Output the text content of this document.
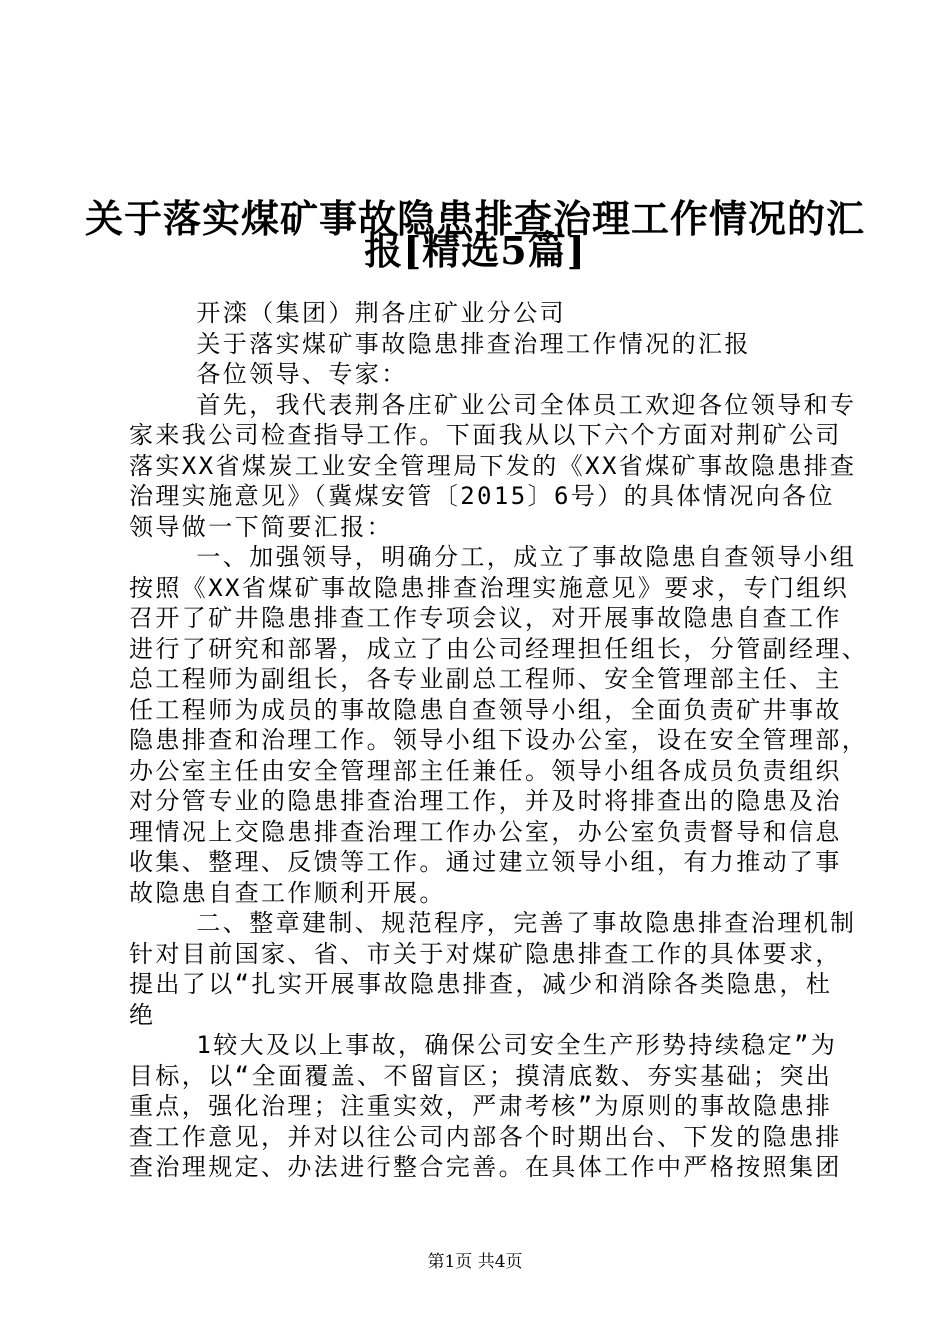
关于落实煤矿事故隐患排查治理工作情况的汇
报[精选5篇]
开滦（集团）荆各庄矿业分公司
关于落实煤矿事故隐患排查治理工作情况的汇报
各位领导、专家：
首先，我代表荆各庄矿业公司全体员工欢迎各位领导和专
家来我公司检查指导工作。下面我从以下六个方面对荆矿公司
落实XX省煤炭工业安全管理局下发的《XX省煤矿事故隐患排查
治理实施意见》（冀煤安管〔2015〕6号）的具体情况向各位
领导做一下简要汇报：
一、加强领导，明确分工，成立了事故隐患自查领导小组
按照《XX省煤矿事故隐患排查治理实施意见》要求，专门组织
召开了矿井隐患排查工作专项会议，对开展事故隐患自查工作
进行了研究和部署，成立了由公司经理担任组长，分管副经理、
总工程师为副组长，各专业副总工程师、安全管理部主任、主
任工程师为成员的事故隐患自查领导小组，全面负责矿井事故
隐患排查和治理工作。领导小组下设办公室，设在安全管理部，
办公室主任由安全管理部主任兼任。领导小组各成员负责组织
对分管专业的隐患排查治理工作，并及时将排查出的隐患及治
理情况上交隐患排查治理工作办公室，办公室负责督导和信息
收集、整理、反馈等工作。通过建立领导小组，有力推动了事
故隐患自查工作顺利开展。
二、整章建制、规范程序，完善了事故隐患排查治理机制
针对目前国家、省、市关于对煤矿隐患排查工作的具体要求，
提出了以“扎实开展事故隐患排查，减少和消除各类隐患，杜
绝
1较大及以上事故，确保公司安全生产形势持续稳定”为
目标，以“全面覆盖、不留盲区；摸清底数、夯实基础；突出
重点，强化治理；注重实效，严肃考核”为原则的事故隐患排
查工作意见，并对以往公司内部各个时期出台、下发的隐患排
查治理规定、办法进行整合完善。在具体工作中严格按照集团
第1页 共4页
